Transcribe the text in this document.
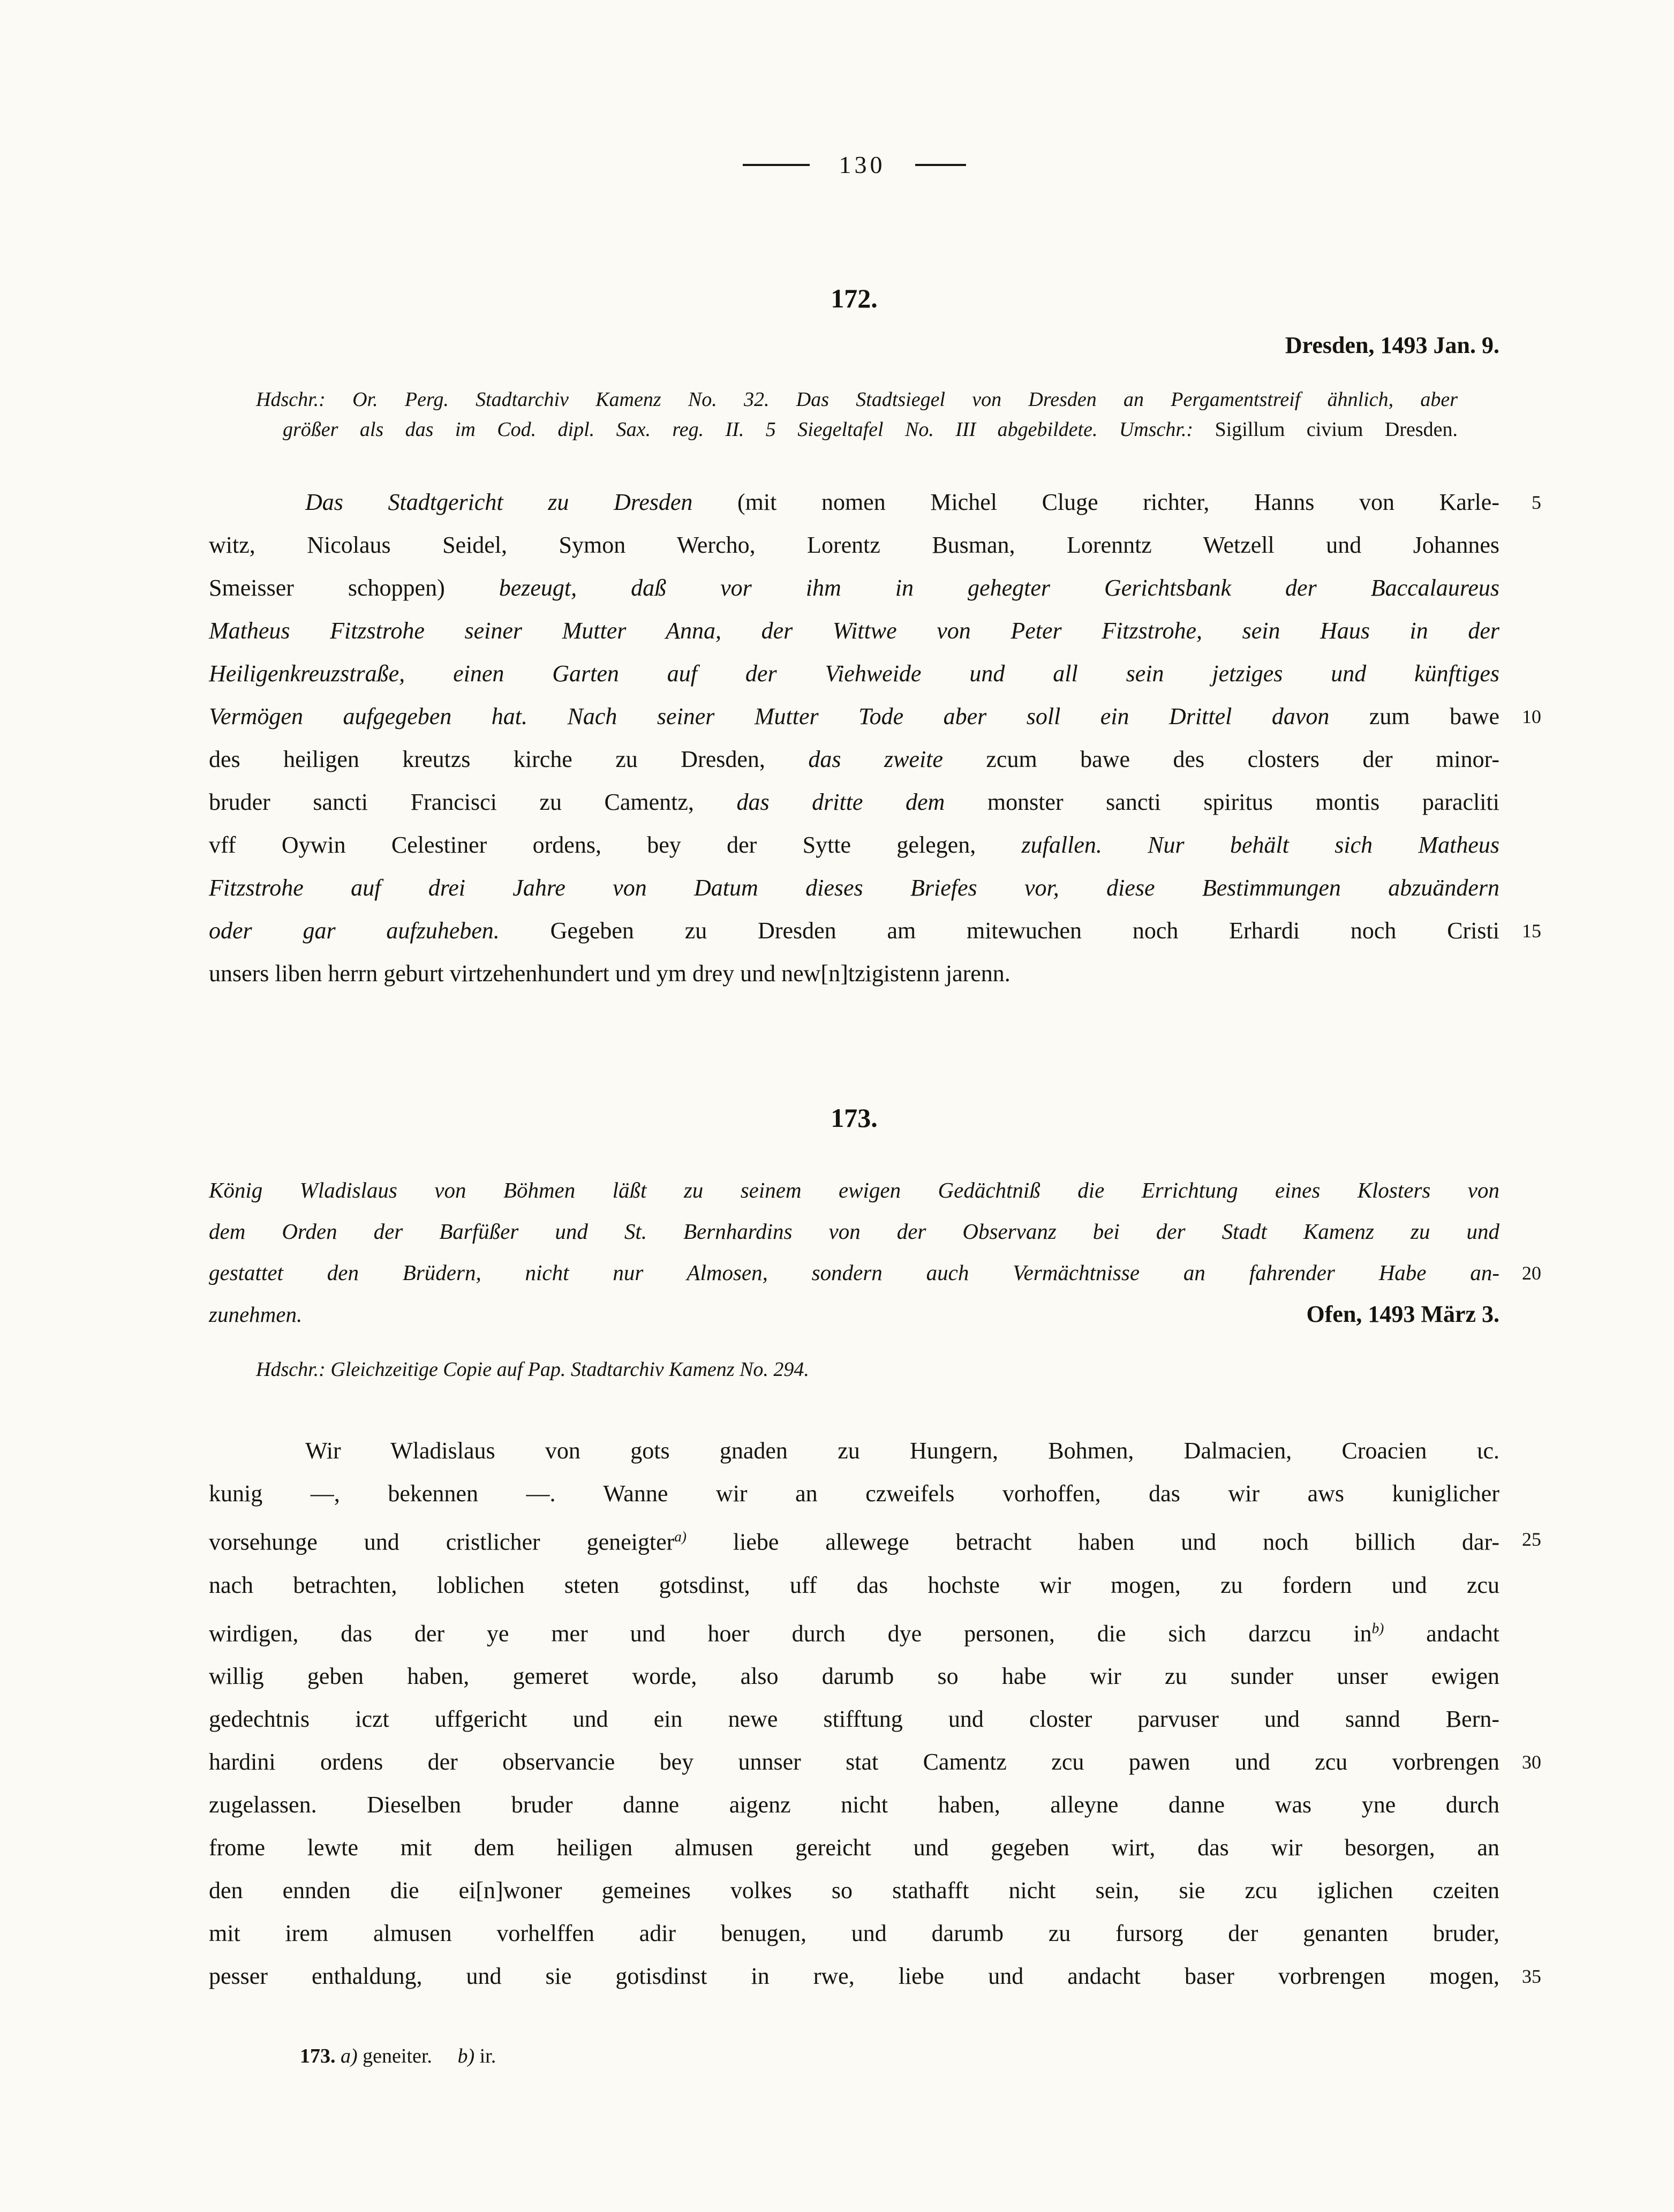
130
172.
Dresden, 1493 Jan. 9.
Hdschr.: Or. Perg. Stadtarchiv Kamenz No. 32. Das Stadtsiegel von Dresden an Pergamentstreif ähnlich, aber
größer als das im Cod. dipl. Sax. reg. II. 5 Siegeltafel No. III abgebildete. Umschr.: Sigillum civium Dresden.
Das Stadtgericht zu Dresden (mit nomen Michel Cluge richter, Hanns von Karle- 5
witz, Nicolaus Seidel, Symon Wercho, Lorentz Busman, Lorenntz Wetzell und Johannes
Smeisser schoppen) bezeugt, daß vor ihm in gehegter Gerichtsbank der Baccalaureus
Matheus Fitzstrohe seiner Mutter Anna, der Wittwe von Peter Fitzstrohe, sein Haus in der
Heiligenkreuzstraße, einen Garten auf der Viehweide und all sein jetziges und künftiges
Vermögen aufgegeben hat. Nach seiner Mutter Tode aber soll ein Drittel davon zum bawe 10
des heiligen kreutzs kirche zu Dresden, das zweite zcum bawe des closters der minor-
bruder sancti Francisci zu Camentz, das dritte dem monster sancti spiritus montis paracliti
vff Oywin Celestiner ordens, bey der Sytte gelegen, zufallen. Nur behält sich Matheus
Fitzstrohe auf drei Jahre von Datum dieses Briefes vor, diese Bestimmungen abzuändern
oder gar aufzuheben. Gegeben zu Dresden am mitewuchen noch Erhardi noch Cristi 15
unsers liben herrn geburt virtzehenhundert und ym drey und new[n]tzigistenn jarenn.
173.
König Wladislaus von Böhmen läßt zu seinem ewigen Gedächtniß die Errichtung eines Klosters von
dem Orden der Barfüßer und St. Bernhardins von der Observanz bei der Stadt Kamenz zu und
gestattet den Brüdern, nicht nur Almosen, sondern auch Vermächtnisse an fahrender Habe an- 20
zunehmen.	Ofen, 1493 März 3.
Hdschr.: Gleichzeitige Copie auf Pap. Stadtarchiv Kamenz No. 294.
Wir Wladislaus von gots gnaden zu Hungern, Bohmen, Dalmacien, Croacien ɩc.
kunig —, bekennen —. Wanne wir an czweifels vorhoffen, das wir aws kuniglicher
vorsehunge und cristlicher geneigter$^{a)}$ liebe allewege betracht haben und noch billich dar- 25
nach betrachten, loblichen steten gotsdinst, uff das hochste wir mogen, zu fordern und zcu
wirdigen, das der ye mer und hoer durch dye personen, die sich darzcu $in^{b)}$ andacht
willig geben haben, gemeret worde, also darumb so habe wir zu sunder unser ewigen
gedechtnis iczt uffgericht und ein newe stifftung und closter parvuser und sannd Bern-
hardini ordens der observancie bey unnser stat Camentz zcu pawen und zcu vorbrengen 30
zugelassen. Dieselben bruder danne aigenz nicht haben, alleyne danne was yne durch
frome lewte mit dem heiligen almusen gereicht und gegeben wirt, das wir besorgen, an
den ennden die ei[n]woner gemeines volkes so stathafft nicht sein, sie zcu iglichen czeiten
mit irem almusen vorhelffen adir benugen, und darumb zu fursorg der genanten bruder,
pesser enthaldung, und sie gotisdinst in rwe, liebe und andacht baser vorbrengen mogen, 35
173. a) geneiter.  b) ir.
